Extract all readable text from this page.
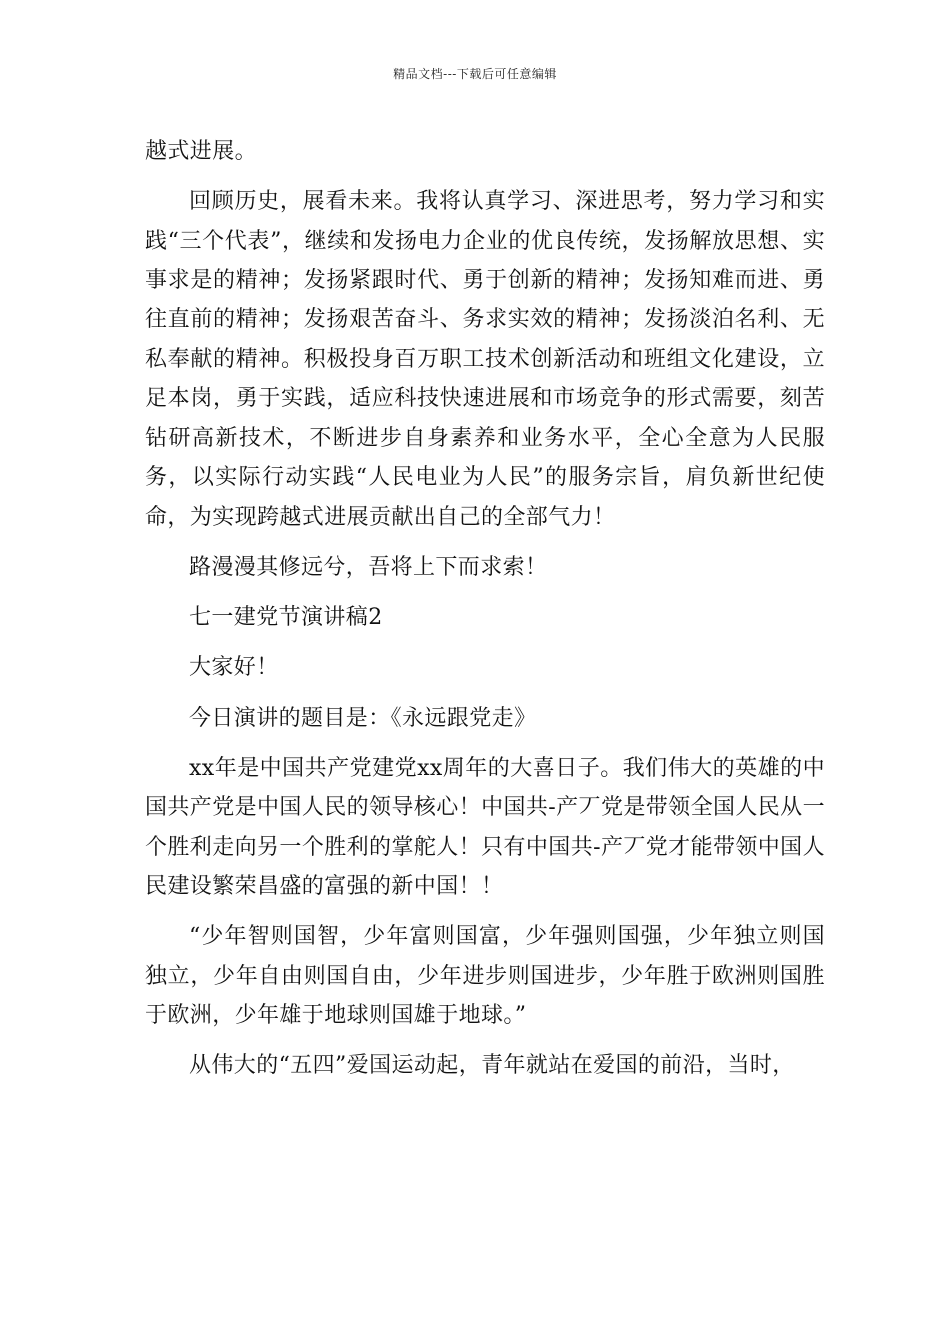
精品文档---下载后可任意编辑

越式进展。

回顾历史，展看未来。我将认真学习、深进思考，努力学习和实践“三个代表”，继续和发扬电力企业的优良传统，发扬解放思想、实事求是的精神；发扬紧跟时代、勇于创新的精神；发扬知难而进、勇往直前的精神；发扬艰苦奋斗、务求实效的精神；发扬淡泊名利、无私奉献的精神。积极投身百万职工技术创新活动和班组文化建设，立足本岗，勇于实践，适应科技快速进展和市场竞争的形式需要，刻苦钻研高新技术，不断进步自身素养和业务水平，全心全意为人民服务，以实际行动实践“人民电业为人民”的服务宗旨，肩负新世纪使命，为实现跨越式进展贡献出自己的全部气力！

路漫漫其修远兮，吾将上下而求索！

七一建党节演讲稿2

大家好！

今日演讲的题目是：《永远跟党走》

xx年是中国共产党建党xx周年的大喜日子。我们伟大的英雄的中国共产党是中国人民的领导核心！中国共-产丆党是带领全国人民从一个胜利走向另一个胜利的掌舵人！只有中国共-产丆党才能带领中国人民建设繁荣昌盛的富强的新中国！！

“少年智则国智，少年富则国富，少年强则国强，少年独立则国独立，少年自由则国自由，少年进步则国进步，少年胜于欧洲则国胜于欧洲，少年雄于地球则国雄于地球。”

从伟大的“五四”爱国运动起，青年就站在爱国的前沿，当时，
